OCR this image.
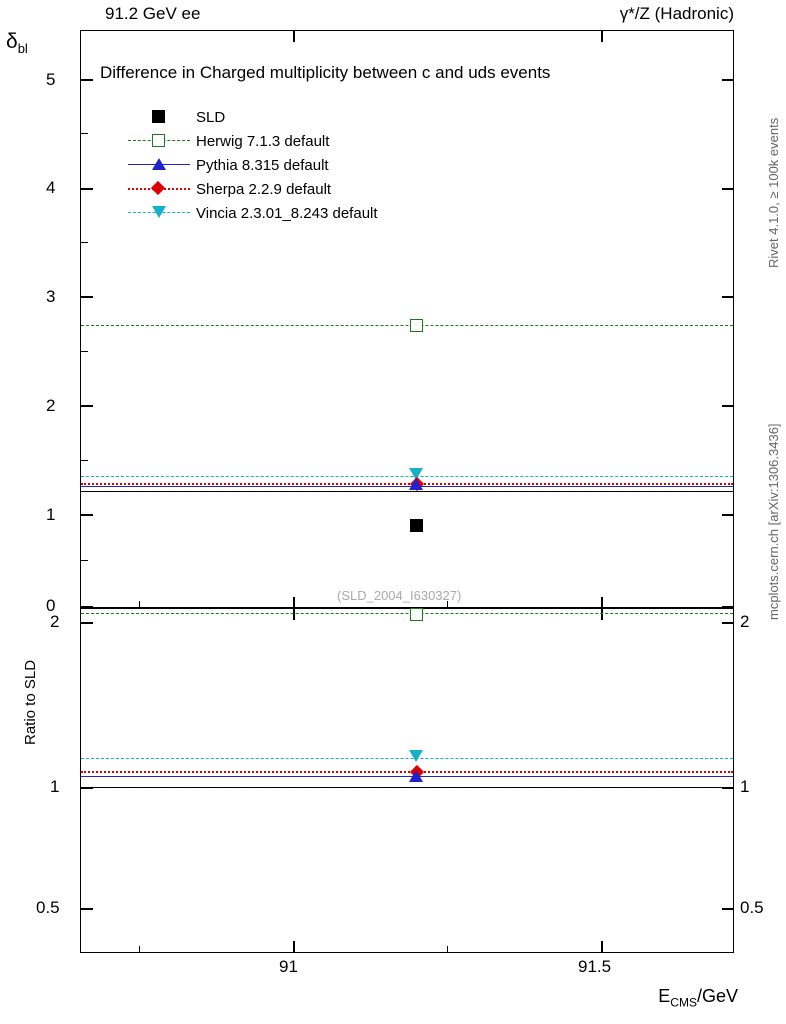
91.2 GeV ee	γ*/Z (Hadronic)
$\delta_{bl}$
Ratio to SLD
$E_{CMS}$/GeV
Rivet 4.1.0, ≥ 100k events
mcplots.cern.ch [arXiv:1306.3436]
5
4
3
2
1
0
2
1
0.5
2
1
0.5
91	91.5
Difference in Charged multiplicity between c and uds events
SLD
Herwig 7.1.3 default
Pythia 8.315 default
Sherpa 2.2.9 default
Vincia 2.3.01_8.243 default
(SLD_2004_I630327)
